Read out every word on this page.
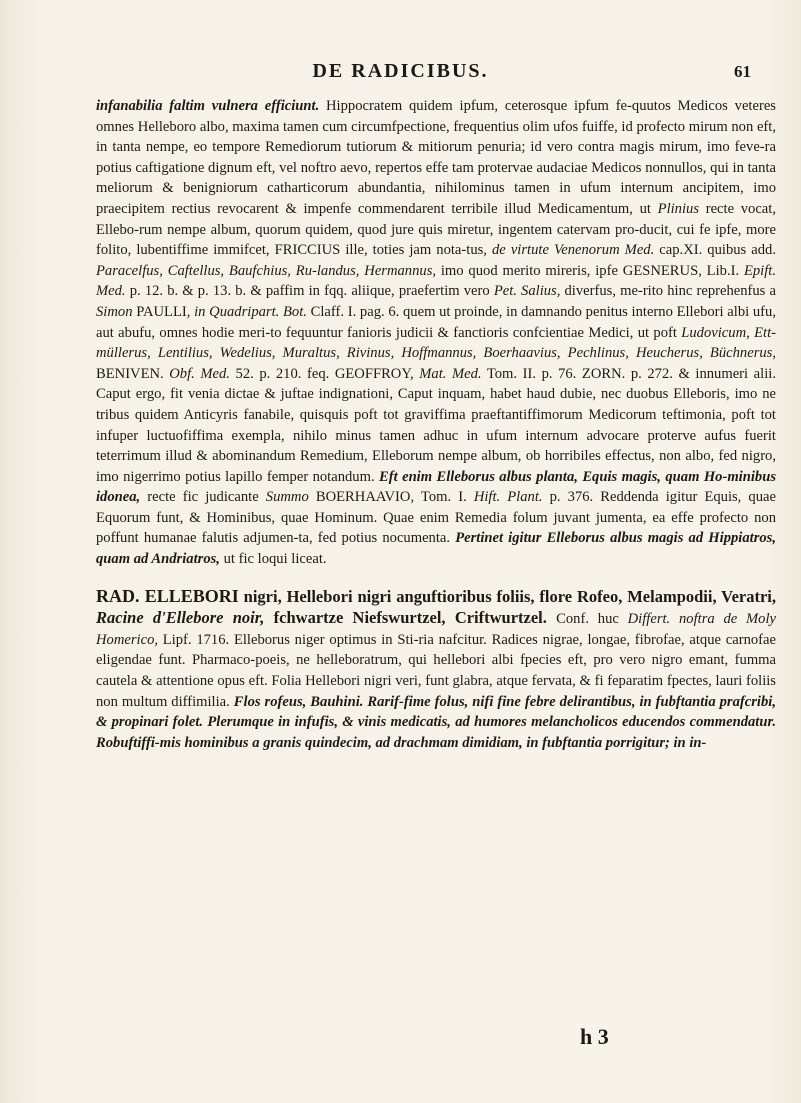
DE RADICIBUS.	61

infanabilia faltim vulnera efficiunt. Hippocratem quidem ipfum, ceterosque ipfum fe-quutos Medicos veteres omnes Helleboro albo, maxima tamen cum circumfpectione, frequentius olim ufos fuiffe, id profecto mirum non eft, in tanta nempe, eo tempore Remediorum tutiorum & mitiorum penuria; id vero contra magis mirum, imo feve-ra potius caftigatione dignum eft, vel noftro aevo, repertos effe tam protervae audaciae Medicos nonnullos, qui in tanta meliorum & benigniorum catharticorum abundantia, nihilominus tamen in ufum internum ancipitem, imo praecipitem rectius revocarent & impenfe commendarent terribile illud Medicamentum, ut Plinius recte vocat, Ellebo-rum nempe album, quorum quidem, quod jure quis miretur, ingentem catervam pro-ducit, cui fe ipfe, more folito, lubentiffime immifcet, FRICCIUS ille, toties jam nota-tus, de virtute Venenorum Med. cap.XI. quibus add. Paracelfus, Caftellus, Baufchius, Ru-landus, Hermannus, imo quod merito mireris, ipfe GESNERUS, Lib.I. Epift. Med. p. 12. b. & p. 13. b. & paffim in fqq. aliique, praefertim vero Pet. Salius, diverfus, me-rito hinc reprehenfus a Simon PAULLI, in Quadripart. Bot. Claff. I. pag. 6. quem ut proinde, in damnando penitus interno Ellebori albi ufu, aut abufu, omnes hodie meri-to fequuntur fanioris judicii & fanctioris confcientiae Medici, ut poft Ludovicum, Ett-müllerus, Lentilius, Wedelius, Muraltus, Rivinus, Hoffmannus, Boerhaavius, Pechlinus, Heucherus, Büchnerus, BENIVEN. Obf. Med. 52. p. 210. feq. GEOFFROY, Mat. Med. Tom. II. p. 76. ZORN. p. 272. & innumeri alii. Caput ergo, fit venia dictae & juftae indignationi, Caput inquam, habet haud dubie, nec duobus Elleboris, imo ne tribus quidem Anticyris fanabile, quisquis poft tot graviffima praeftantiffimorum Medicorum teftimonia, poft tot infuper luctuofiffima exempla, nihilo minus tamen adhuc in ufum internum advocare proterve aufus fuerit teterrimum illud & abominandum Remedium, Elleborum nempe album, ob horribiles effectus, non albo, fed nigro, imo nigerrimo potius lapillo femper notandum. Eft enim Elleborus albus planta, Equis magis, quam Ho-minibus idonea, recte fic judicante Summo BOERHAAVIO, Tom. I. Hift. Plant. p. 376. Reddenda igitur Equis, quae Equorum funt, & Hominibus, quae Hominum. Quae enim Remedia folum juvant jumenta, ea effe profecto non poffunt humanae falutis adjumen-ta, fed potius nocumenta. Pertinet igitur Elleborus albus magis ad Hippiatros, quam ad Andriatros, ut fic loqui liceat.

RAD. ELLEBORI nigri, Hellebori nigri anguftioribus foliis, flore Rofeo, Melampodii, Veratri, Racine d'Ellebore noir, fchwartze Niefswurtzel, Criftwurtzel. Conf. huc Differt. noftra de Moly Homerico, Lipf. 1716. Elleborus niger optimus in Sti-ria nafcitur. Radices nigrae, longae, fibrofae, atque carnofae eligendae funt. Pharmaco-poeis, ne helleboratrum, qui hellebori albi fpecies eft, pro vero nigro emant, fumma cautela & attentione opus eft. Folia Hellebori nigri veri, funt glabra, atque fervata, & fi feparatim fpectes, lauri foliis non multum diffimilia. Flos rofeus, Bauhini. Rarif-fime folus, nifi fine febre delirantibus, in fubftantia prafcribi, & propinari folet. Plerumque in infufis, & vinis medicatis, ad humores melancholicos educendos commendatur. Robuftiffi-mis hominibus a granis quindecim, ad drachmam dimidiam, in fubftantia porrigitur; in in-

h 3
